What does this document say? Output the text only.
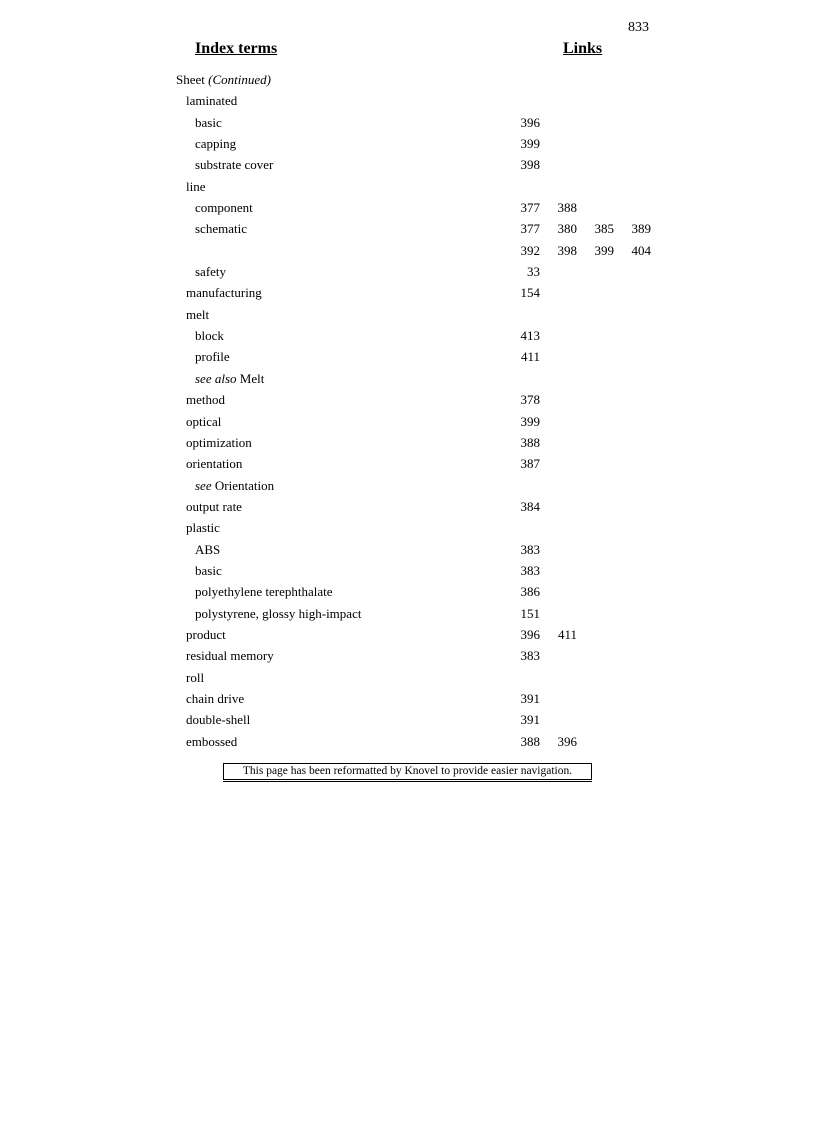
833
Index terms	Links
Sheet (Continued)
laminated
basic	396
capping	399
substrate cover	398
line
component	377	388
schematic	377	380	385	389
392	398	399	404
safety	33
manufacturing	154
melt
block	413
profile	411
see also Melt
method	378
optical	399
optimization	388
orientation	387
see Orientation
output rate	384
plastic
ABS	383
basic	383
polyethylene terephthalate	386
polystyrene, glossy high-impact	151
product	396	411
residual memory	383
roll
chain drive	391
double-shell	391
embossed	388	396
This page has been reformatted by Knovel to provide easier navigation.
